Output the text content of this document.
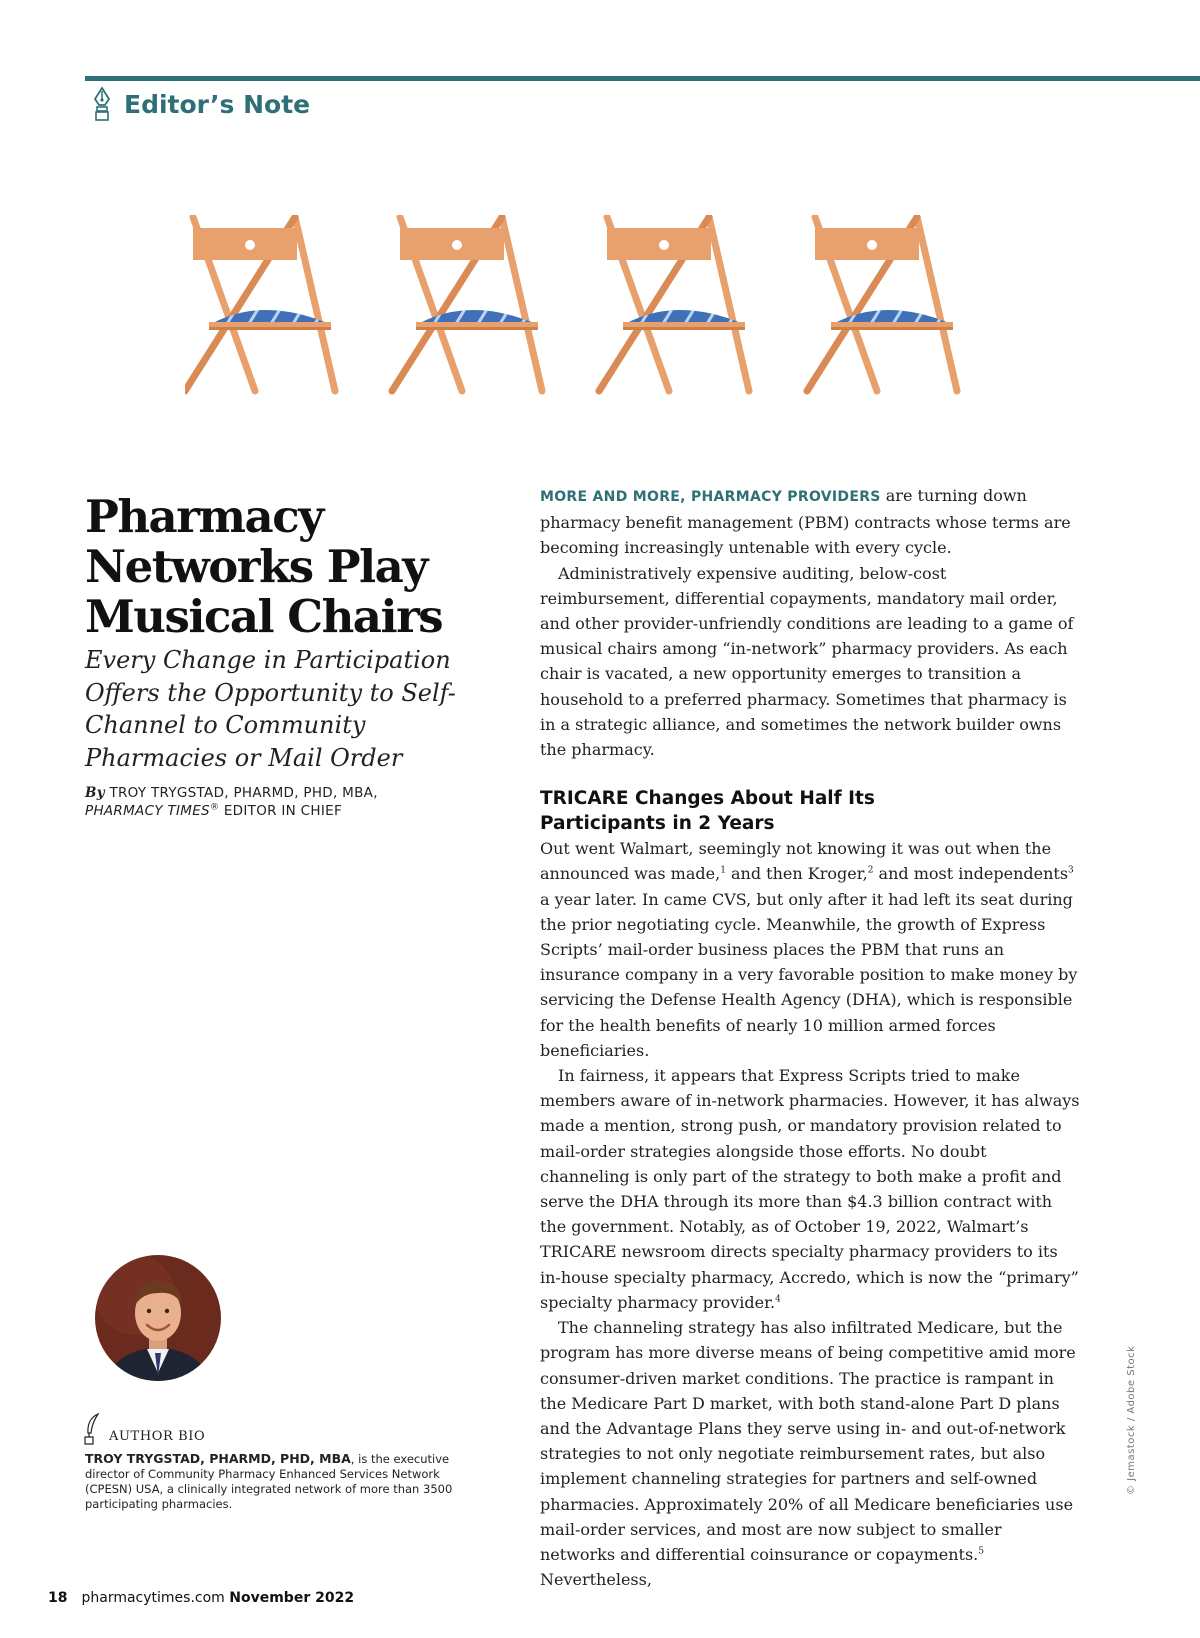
Editor’s Note
Pharmacy Networks Play Musical Chairs

Every Change in Participation Offers the Opportunity to Self-Channel to Community Pharmacies or Mail Order

By TROY TRYGSTAD, PHARMD, PHD, MBA,
PHARMACY TIMES® EDITOR IN CHIEF
AUTHOR BIO

TROY TRYGSTAD, PHARMD, PHD, MBA, is the executive director of Community Pharmacy Enhanced Services Network (CPESN) USA, a clinically integrated network of more than 3500 participating pharmacies.

MORE AND MORE, PHARMACY PROVIDERS are turning down pharmacy benefit management (PBM) contracts whose terms are becoming increasingly untenable with every cycle.

Administratively expensive auditing, below-cost reimbursement, differential copayments, mandatory mail order, and other provider-unfriendly conditions are leading to a game of musical chairs among “in-network” pharmacy providers. As each chair is vacated, a new opportunity emerges to transition a household to a preferred pharmacy. Sometimes that pharmacy is in a strategic alliance, and sometimes the network builder owns the pharmacy.

TRICARE Changes About Half Its Participants in 2 Years

Out went Walmart, seemingly not knowing it was out when the announced was made,$^1$ and then Kroger,$^2$ and most independents$^3$ a year later. In came CVS, but only after it had left its seat during the prior negotiating cycle. Meanwhile, the growth of Express Scripts’ mail-order business places the PBM that runs an insurance company in a very favorable position to make money by servicing the Defense Health Agency (DHA), which is responsible for the health benefits of nearly 10 million armed forces beneficiaries.

In fairness, it appears that Express Scripts tried to make members aware of in-network pharmacies. However, it has always made a mention, strong push, or mandatory provision related to mail-order strategies alongside those efforts. No doubt channeling is only part of the strategy to both make a profit and serve the DHA through its more than $4.3 billion contract with the government. Notably, as of October 19, 2022, Walmart’s TRICARE newsroom directs specialty pharmacy providers to its in-house specialty pharmacy, Accredo, which is now the “primary” specialty pharmacy provider.$^4$

The channeling strategy has also infiltrated Medicare, but the program has more diverse means of being competitive amid more consumer-driven market conditions. The practice is rampant in the Medicare Part D market, with both stand-alone Part D plans and the Advantage Plans they serve using in- and out-of-network strategies to not only negotiate reimbursement rates, but also implement channeling strategies for partners and self-owned pharmacies. Approximately 20% of all Medicare beneficiaries use mail-order services, and most are now subject to smaller networks and differential coinsurance or copayments.$^5$ Nevertheless,

© Jemastock / Adobe Stock
18 pharmacytimes.com November 2022
